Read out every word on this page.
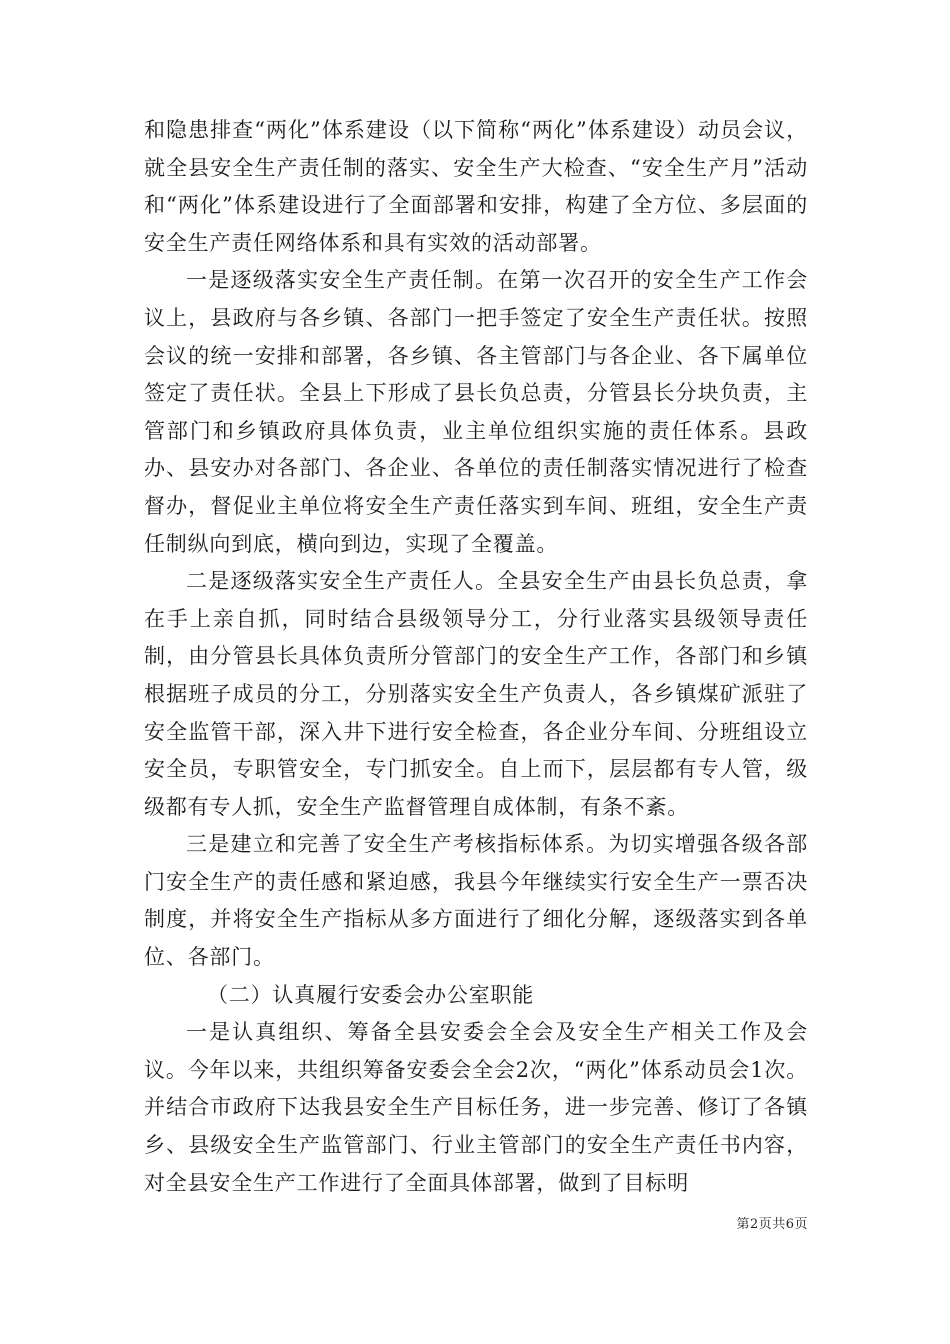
和隐患排查“两化”体系建设（以下简称“两化”体系建设）动员会议，就全县安全生产责任制的落实、安全生产大检查、“安全生产月”活动和“两化”体系建设进行了全面部署和安排，构建了全方位、多层面的安全生产责任网络体系和具有实效的活动部署。

一是逐级落实安全生产责任制。在第一次召开的安全生产工作会议上，县政府与各乡镇、各部门一把手签定了安全生产责任状。按照会议的统一安排和部署，各乡镇、各主管部门与各企业、各下属单位签定了责任状。全县上下形成了县长负总责，分管县长分块负责，主管部门和乡镇政府具体负责，业主单位组织实施的责任体系。县政办、县安办对各部门、各企业、各单位的责任制落实情况进行了检查督办，督促业主单位将安全生产责任落实到车间、班组，安全生产责任制纵向到底，横向到边，实现了全覆盖。

二是逐级落实安全生产责任人。全县安全生产由县长负总责，拿在手上亲自抓，同时结合县级领导分工，分行业落实县级领导责任制，由分管县长具体负责所分管部门的安全生产工作，各部门和乡镇根据班子成员的分工，分别落实安全生产负责人，各乡镇煤矿派驻了安全监管干部，深入井下进行安全检查，各企业分车间、分班组设立安全员，专职管安全，专门抓安全。自上而下，层层都有专人管，级级都有专人抓，安全生产监督管理自成体制，有条不紊。

三是建立和完善了安全生产考核指标体系。为切实增强各级各部门安全生产的责任感和紧迫感，我县今年继续实行安全生产一票否决制度，并将安全生产指标从多方面进行了细化分解，逐级落实到各单位、各部门。

（二）认真履行安委会办公室职能

一是认真组织、筹备全县安委会全会及安全生产相关工作及会议。今年以来，共组织筹备安委会全会2次，“两化”体系动员会1次。并结合市政府下达我县安全生产目标任务，进一步完善、修订了各镇乡、县级安全生产监管部门、行业主管部门的安全生产责任书内容，对全县安全生产工作进行了全面具体部署，做到了目标明

第2页共6页
